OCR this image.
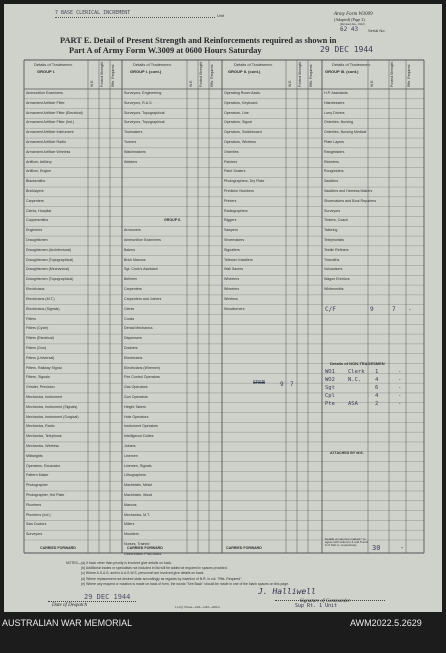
7 BASE CLERICAL INCREMENT	Unit	Army Form W3009
(Adapted) (Page 2)
(Revised Jan., 1942)
62 43 Serial No.
PART E. Detail of Present Strength and Reinforcements required as shown in
Part A of Army Form W.3009 at 0600 Hours Saturday	29 DEC 1944
Details of Tradesmen.
GROUP I.
Details of Tradesmen.
GROUP I. (cont.)
Details of Tradesmen.
GROUP II. (cont.)
Details of Tradesmen.
GROUP III. (cont.)
W.E. Posted Strength. Rfts. Required.	W.E. Posted Strength. Rfts. Required.	W.E. Posted Strength. Rfts. Required.	W.E.	Posted Strength.	Rfts. Required.
Ammunition Examiners
Armament Artificer Fitter
Armament Artificer Fitter (Electrical)
Armament Artificer Fitter (Ind.)
Armament Artificer Instrument
Armament Artificer Radio
Armament Artificer Wireless
Artificer, Artillery
Artificer, Engine
Blacksmiths
Bricklayers
Carpenters
Clerks, Hospital
Coppersmiths
Engineers
Draughtsmen
Draughtsmen (Architectural)
Draughtsmen (Topographical)
Draughtsmen (Mechanical)
Draughtsmen (Topographical)
Electricians
Electricians (M.T.)
Electricians (Signals)
Fitters
Fitters (Cycle)
Fitters (Electrical)
Fitters (Gun)
Fitters (Universal)
Fitters, Railway Signal
Fitters, Signals
Grinder, Precision
Mechanics, Instrument
Mechanics, Instrument (Signals)
Mechanics, Instrument (Surgical)
Mechanics, Radio
Mechanics, Telephone
Mechanics, Wireless
Millwrights
Operators, Excavator
Pattern Maker
Photographer
Photographer, Hot Plate
Plumbers
Plumbers (Ind.)
Saw Doctors
Surveyors
Surveyors, Engineering
Surveyors, R.A.S.
Surveyors, Topographical
Surveyors, Topographical
Toolmakers
Turners
Watchmakers
Welders
GROUP II.
Armourers
Ammunition Examiners
Bakers
Brick Masons
Sgt. Cook's Assistant
Bellmen
Carpenters
Carpenters and Joiners
Clerks
Cooks
Dental Mechanics
Dispensers
Drainers
Electricians
Electricians (Wiremen)
Fire Control Operators
Gas Operators
Gun Operators
Height Takers
Hole Operators
Instrument Operators
Intelligence Duties
Joiners
Linemen
Linemen, Signals
Lithographers
Machinists, Metal
Machinists, Wood
Masons
Mechanics, M.T.
Millers
Moulders
Nurses, Trained
Observation Post Assts.
Operating Room Assts.
Operators, Keyboard
Operators, Line
Operators, Signal
Operators, Switchboard
Operators, Wireless
Orderlies
Painters
Paint Sealers
Photographers, Dry Plate
Predictor Numbers
Printers
Radiographers
Riggers
Sawyers
Shoemakers
Signallers
Telecom Installers
Wall Savers
Wheelers
Wheelers
Wireless
Woodturners
H.P. Assistants
Hairdressers
Lorry Drivers
Orderlies, Nursing
Orderlies, Nursing Medical
Plate Layers
Rangetakers
Ricketers
Roughriders
Saddlers
Saddlers and Harness Makers
Shoemakers and Boot Repairers
Surveyors
Tinkers, Coach
Tailoring
Telephonists
Textile Refiners
Tinsmiths
Vulcanisers
Wagon Erectors
Whitesmiths
9 7
SRSB
C/F	9	7 -
Details of NON-TRADESMEN
WO1 Clerk 1	-
WO2 N.C.	4	-
Sgt	6	-
Cpl	4	-
Pte ASA	2	-
30	-
CARRIED FORWARD	CARRIED FORWARD	CARRIED FORWARD
ATTACHED BY W.E.
Details of columns marked * to agree with columns 4 and 5 and 6 of Part A, respectively.
NOTES—(a) If back other than priority is involved give details on back.
(b) Additional trades or specialists not included in list will be added at required in spaces provided.
(c) Where A.S.A.S. and/or A.A.S.W.S. personnel are involved give details on back.
(d) Where replacement not desired state accordingly as regards by insertion of N.R. in col. "Rfts. Required".
(e) Where any request or notation is made on back of form, the words "See Back" should be made in one of the blank spaces on this page.
29 DEC 1944
Date of Despatch
J. Halliwell
Sup Rt. 1 Unit
Signature of Commander
L.H.Q. Press—291—1/42—200m.
AUSTRALIAN WAR MEMORIAL	AWM2022.5.2629
